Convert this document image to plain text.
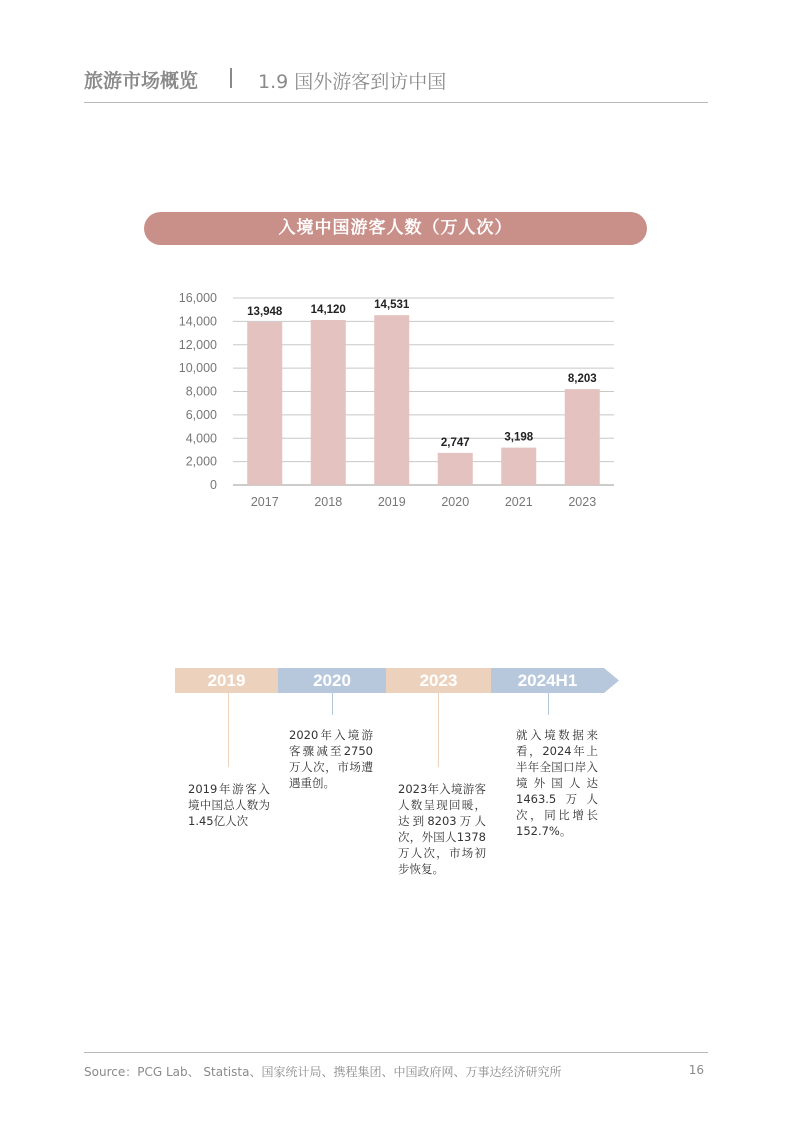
旅游市场概览	1.9 国外游客到访中国
入境中国游客人数（万人次）
0
2,000
4,000
6,000
8,000
10,000
12,000
14,000
16,000
13,948
2017
14,120
2018
14,531
2019
2,747
2020
3,198
2021
8,203
2023
2019	2020	2023	2024H1
2019年游客入境中国总人数为1.45亿人次
2020年入境游客骤减至2750万人次，市场遭遇重创。	2023年入境游客人数呈现回暖，达到8203万人次，外国人1378万人次，市场初步恢复。
就入境数据来看，2024年上半年全国口岸入境外国人达1463.5万人次，同比增长152.7%。
Source：PCG Lab、 Statista、国家统计局、携程集团、中国政府网、万事达经济研究所	16
